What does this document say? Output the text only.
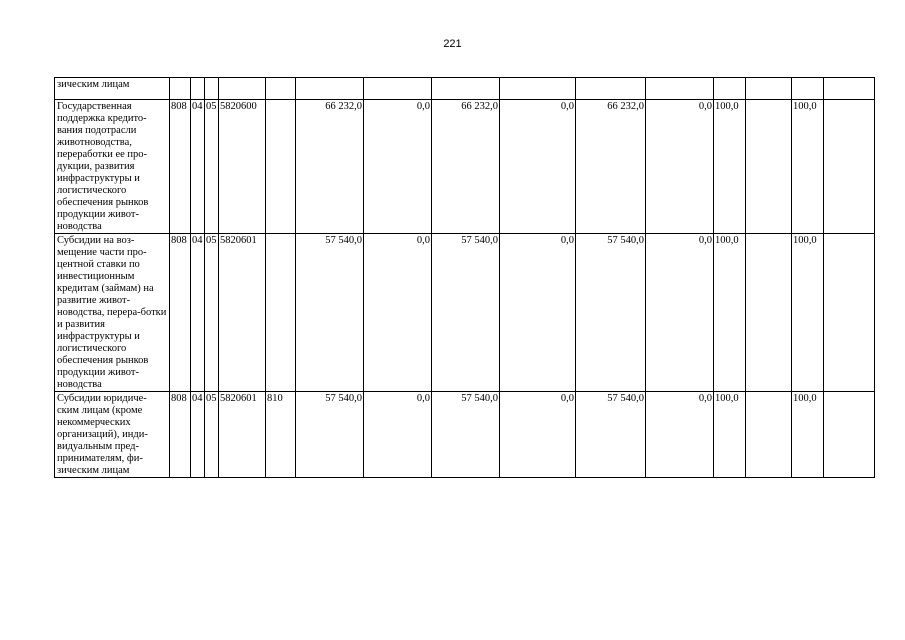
221
зическим лицам															
Государственная поддержка кредито-вания подотрасли животноводства, переработки ее про-дукции, развития инфраструктуры и логистического обеспечения рынков продукции живот-новодства	808	04	05	5820600		66 232,0	0,0	66 232,0	0,0	66 232,0	0,0	100,0		100,0	
Субсидии на воз-мещение части про-центной ставки по инвестиционным кредитам (займам) на развитие живот-новодства, перера-ботки и развития инфраструктуры и логистического обеспечения рынков продукции живот-новодства	808	04	05	5820601		57 540,0	0,0	57 540,0	0,0	57 540,0	0,0	100,0		100,0	
Субсидии юридиче-ским лицам (кроме некоммерческих организаций), инди-видуальным пред-принимателям, фи-зическим лицам	808	04	05	5820601	810	57 540,0	0,0	57 540,0	0,0	57 540,0	0,0	100,0		100,0	
